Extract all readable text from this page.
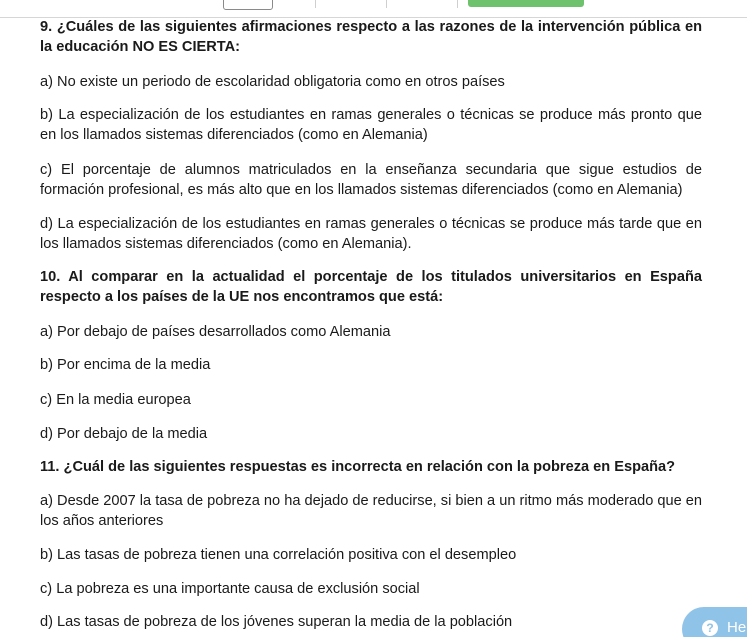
9. ¿Cuáles de las siguientes afirmaciones respecto a las razones de la intervención pública en la educación NO ES CIERTA:

a) No existe un periodo de escolaridad obligatoria como en otros países

b) La especialización de los estudiantes en ramas generales o técnicas se produce más pronto que en los llamados sistemas diferenciados (como en Alemania)

c) El porcentaje de alumnos matriculados en la enseñanza secundaria que sigue estudios de formación profesional, es más alto que en los llamados sistemas diferenciados (como en Alemania)

d) La especialización de los estudiantes en ramas generales o técnicas se produce más tarde que en los llamados sistemas diferenciados (como en Alemania).

10. Al comparar en la actualidad el porcentaje de los titulados universitarios en España respecto a los países de la UE nos encontramos que está:

a) Por debajo de países desarrollados como Alemania

b) Por encima de la media

c) En la media europea

d) Por debajo de la media

11. ¿Cuál de las siguientes respuestas es incorrecta en relación con la pobreza en España?

a) Desde 2007 la tasa de pobreza no ha dejado de reducirse, si bien a un ritmo más moderado que en los años anteriores

b) Las tasas de pobreza tienen una correlación positiva con el desempleo

c) La pobreza es una importante causa de exclusión social

d) Las tasas de pobreza de los jóvenes superan la media de la población	? He
